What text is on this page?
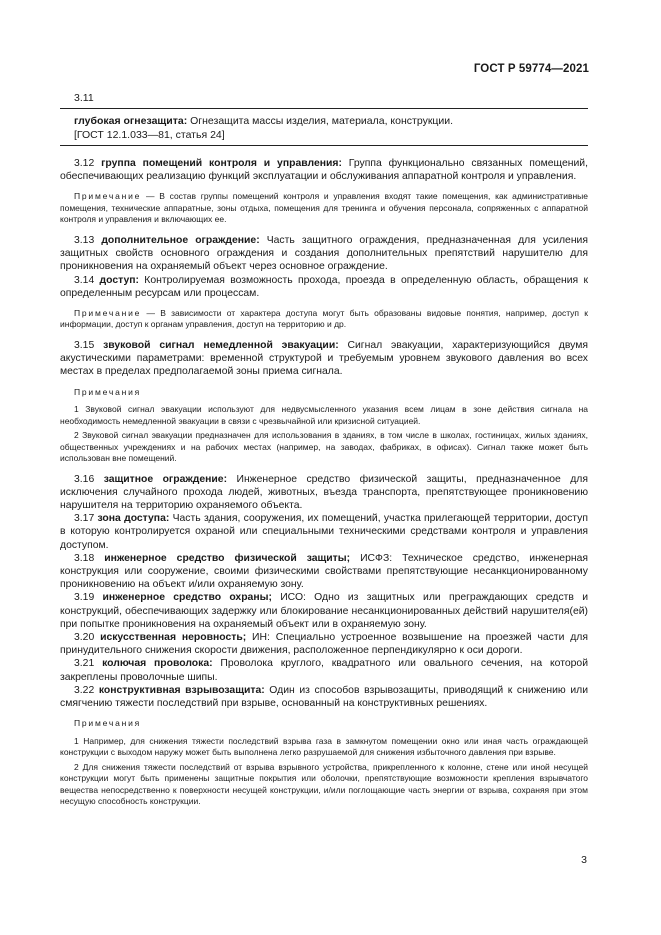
ГОСТ Р 59774—2021
3.11
глубокая огнезащита: Огнезащита массы изделия, материала, конструкции.
[ГОСТ 12.1.033—81, статья 24]

3.12 группа помещений контроля и управления: Группа функционально связанных помещений, обеспечивающих реализацию функций эксплуатации и обслуживания аппаратной контроля и управления.

Примечание — В состав группы помещений контроля и управления входят такие помещения, как административные помещения, технические аппаратные, зоны отдыха, помещения для тренинга и обучения персонала, сопряженных с аппаратной контроля и управления и включающих ее.

3.13 дополнительное ограждение: Часть защитного ограждения, предназначенная для усиления защитных свойств основного ограждения и создания дополнительных препятствий нарушителю для проникновения на охраняемый объект через основное ограждение.

3.14 доступ: Контролируемая возможность прохода, проезда в определенную область, обращения к определенным ресурсам или процессам.

Примечание — В зависимости от характера доступа могут быть образованы видовые понятия, например, доступ к информации, доступ к органам управления, доступ на территорию и др.

3.15 звуковой сигнал немедленной эвакуации: Сигнал эвакуации, характеризующийся двумя акустическими параметрами: временной структурой и требуемым уровнем звукового давления во всех местах в пределах предполагаемой зоны приема сигнала.

Примечания

1 Звуковой сигнал эвакуации используют для недвусмысленного указания всем лицам в зоне действия сигнала на необходимость немедленной эвакуации в связи с чрезвычайной или кризисной ситуацией.

2 Звуковой сигнал эвакуации предназначен для использования в зданиях, в том числе в школах, гостиницах, жилых зданиях, общественных учреждениях и на рабочих местах (например, на заводах, фабриках, в офисах). Сигнал также может быть использован вне помещений.

3.16 защитное ограждение: Инженерное средство физической защиты, предназначенное для исключения случайного прохода людей, животных, въезда транспорта, препятствующее проникновению нарушителя на территорию охраняемого объекта.

3.17 зона доступа: Часть здания, сооружения, их помещений, участка прилегающей территории, доступ в которую контролируется охраной или специальными техническими средствами контроля и управления доступом.

3.18 инженерное средство физической защиты; ИСФЗ: Техническое средство, инженерная конструкция или сооружение, своими физическими свойствами препятствующие несанкционированному проникновению на объект и/или охраняемую зону.

3.19 инженерное средство охраны; ИСО: Одно из защитных или преграждающих средств и конструкций, обеспечивающих задержку или блокирование несанкционированных действий нарушителя(ей) при попытке проникновения на охраняемый объект или в охраняемую зону.

3.20 искусственная неровность; ИН: Специально устроенное возвышение на проезжей части для принудительного снижения скорости движения, расположенное перпендикулярно к оси дороги.

3.21 колючая проволока: Проволока круглого, квадратного или овального сечения, на которой закреплены проволочные шипы.

3.22 конструктивная взрывозащита: Один из способов взрывозащиты, приводящий к снижению или смягчению тяжести последствий при взрыве, основанный на конструктивных решениях.

Примечания

1 Например, для снижения тяжести последствий взрыва газа в замкнутом помещении окно или иная часть ограждающей конструкции с выходом наружу может быть выполнена легко разрушаемой для снижения избыточного давления при взрыве.

2 Для снижения тяжести последствий от взрыва взрывного устройства, прикрепленного к колонне, стене или иной несущей конструкции могут быть применены защитные покрытия или оболочки, препятствующие возможности крепления взрывчатого вещества непосредственно к поверхности несущей конструкции, и/или поглощающие часть энергии от взрыва, сохраняя при этом несущую способность конструкции.

3
